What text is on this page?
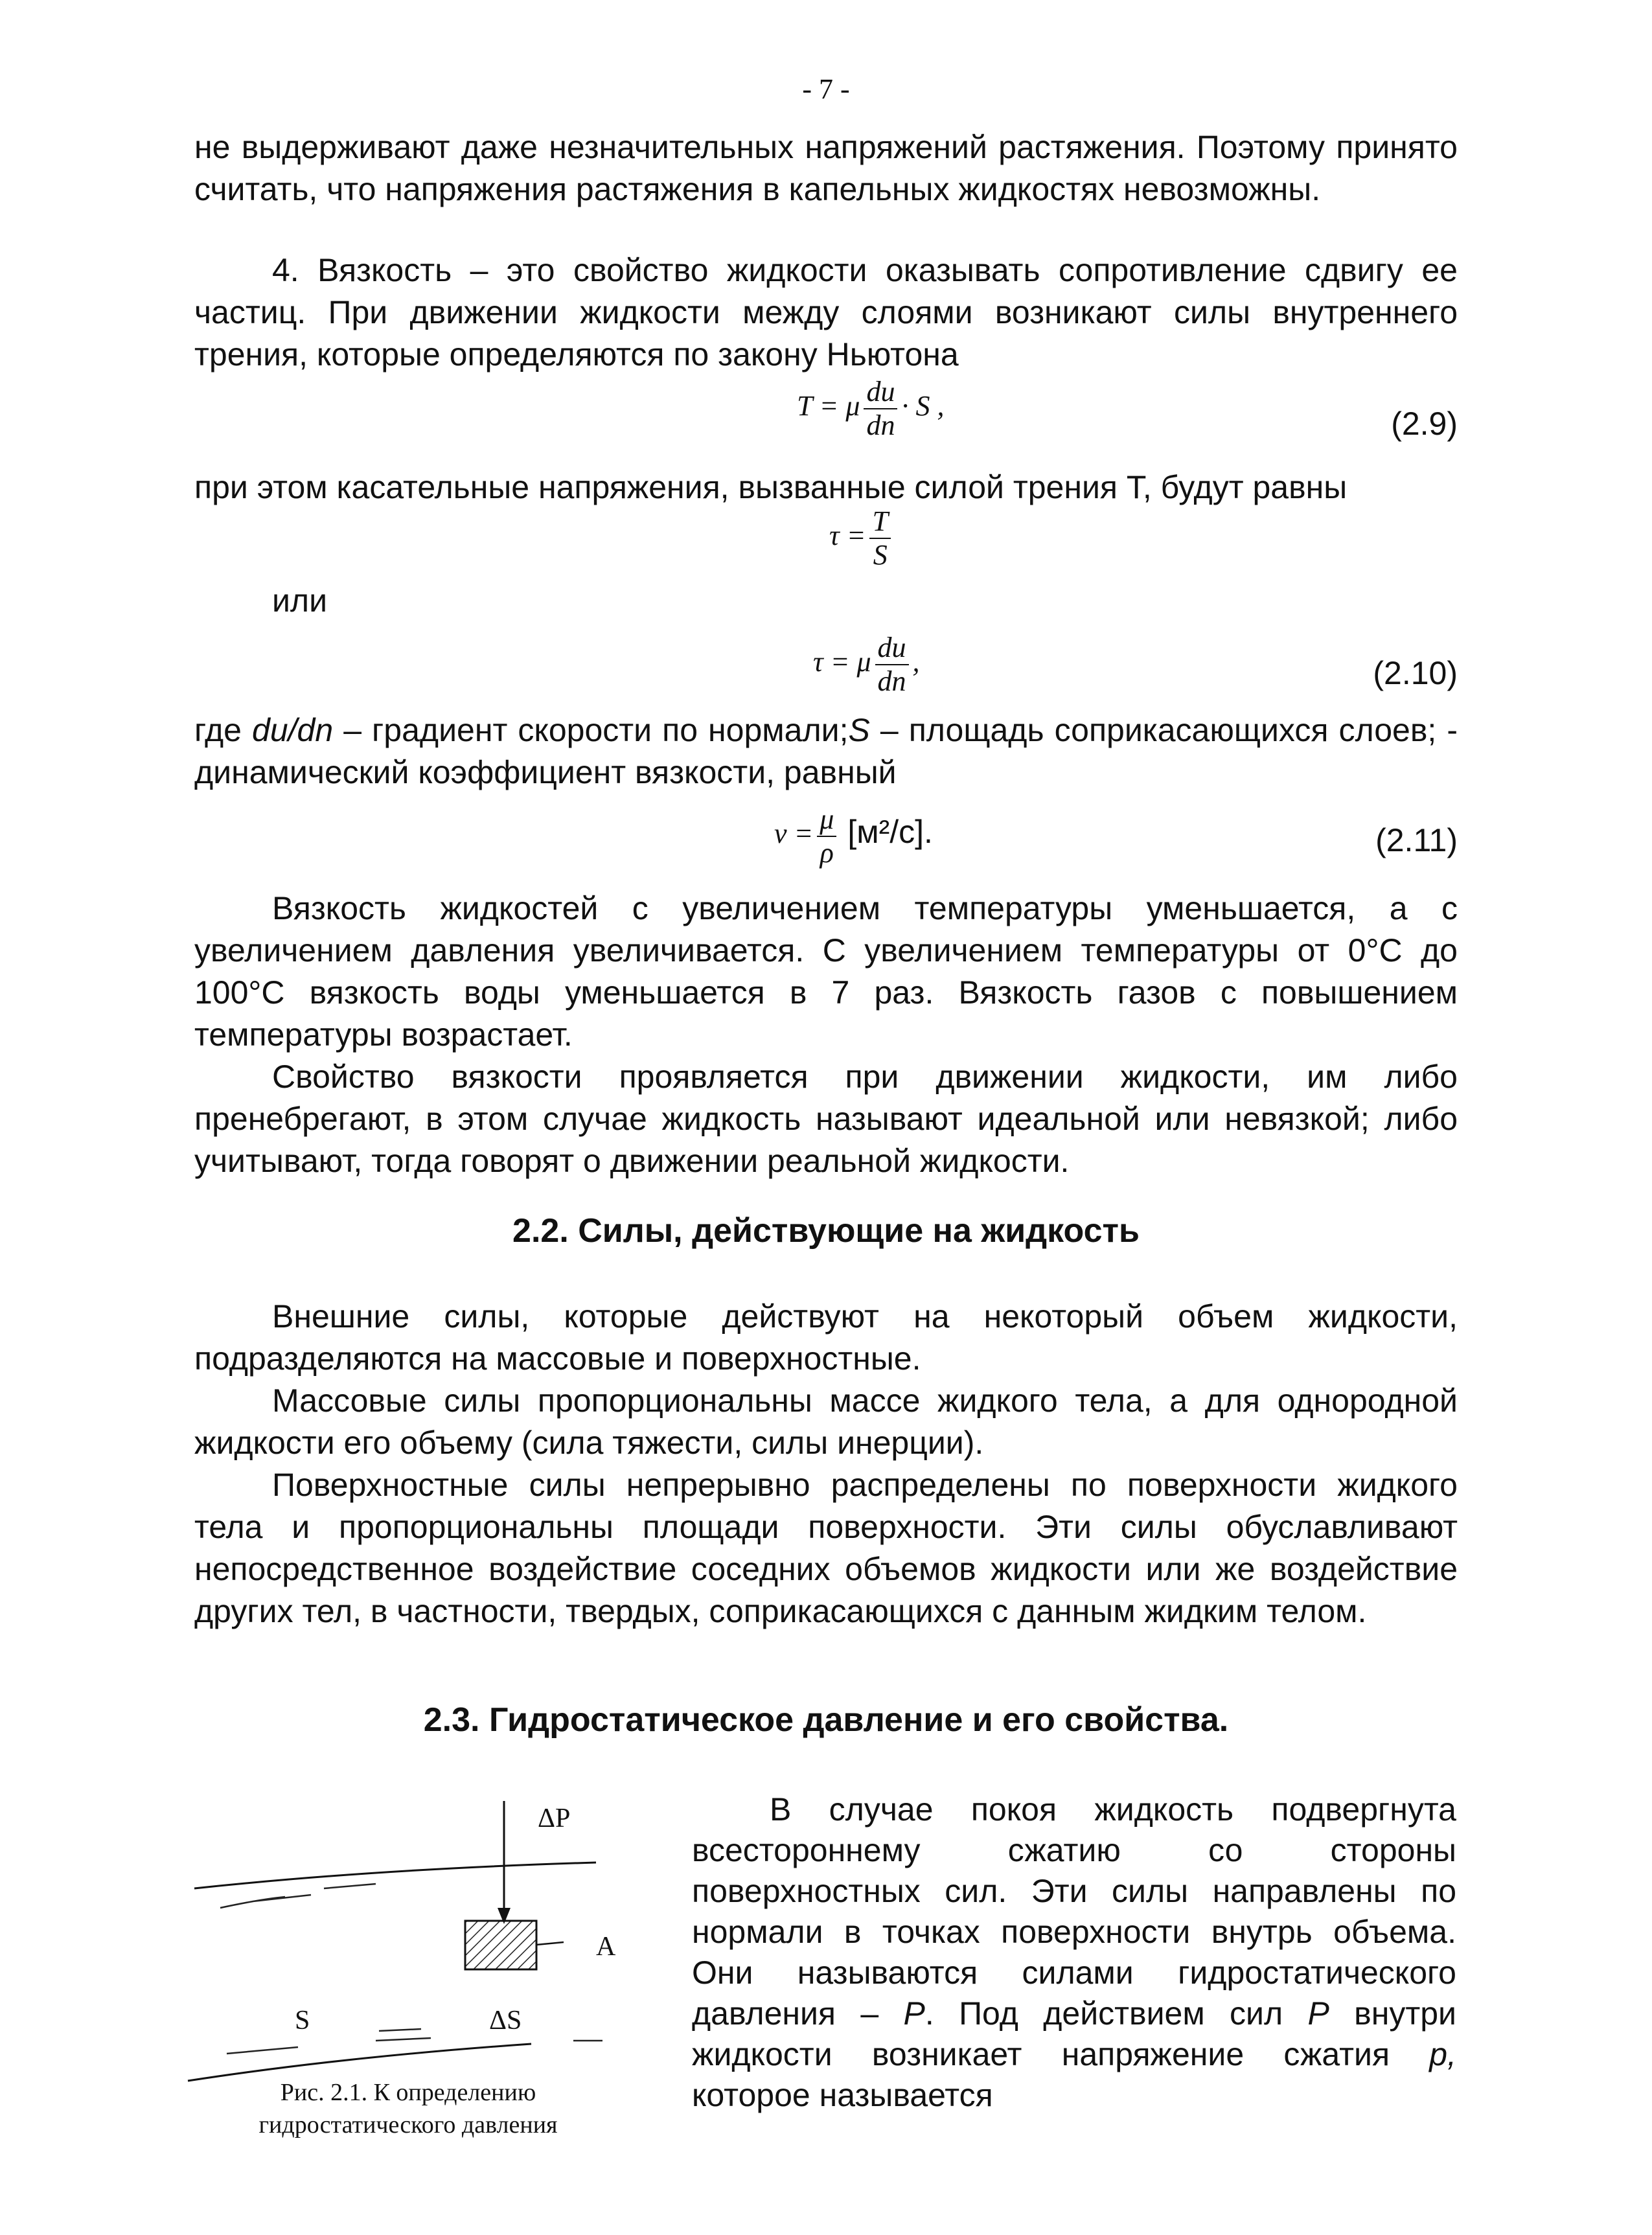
- 7 -

не выдерживают даже незначительных напряжений растяжения. Поэтому принято считать, что напряжения растяжения в капельных жидкостях невозможны.

4. Вязкость – это свойство жидкости оказывать сопротивление сдвигу ее частиц. При движении жидкости между слоями возникают силы внутреннего трения, которые определяются по закону Ньютона

T = μ $\frac{du}{dn} \cdot S$ ,	(2.9)

при этом касательные напряжения, вызванные силой трения Т, будут равны

$\tau = \frac{T}{S}$
или
τ = μ $\frac{du}{dn}$ ,	(2.10)

где du/dn – градиент скорости по нормали;S – площадь соприкасающихся слоев; - динамический коэффициент вязкости, равный

$\nu = \frac{\mu}{\rho} [м^2/с]$.	(2.11)

Вязкость жидкостей с увеличением температуры уменьшается, а с увеличением давления увеличивается. С увеличением температуры от 0°С до 100°С вязкость воды уменьшается в 7 раз. Вязкость газов с повышением температуры возрастает.

Свойство вязкости проявляется при движении жидкости, им либо пренебрегают, в этом случае жидкость называют идеальной или невязкой; либо учитывают, тогда говорят о движении реальной жидкости.

2.2. Силы, действующие на жидкость

Внешние силы, которые действуют на некоторый объем жидкости, подразделяются на массовые и поверхностные.

Массовые силы пропорциональны массе жидкого тела, а для однородной жидкости его объему (сила тяжести, силы инерции).

Поверхностные силы непрерывно распределены по поверхности жидкого тела и пропорциональны площади поверхности. Эти силы обуславливают непосредственное воздействие соседних объемов жидкости или же воздействие других тел, в частности, твердых, соприкасающихся с данным жидким телом.

2.3. Гидростатическое давление и его свойства.
ΔP
A
S	ΔS
Рис. 2.1. К определению
гидростатического давления

В случае покоя жидкость подвергнута всестороннему сжатию со стороны поверхностных сил. Эти силы направлены по нормали в точках поверхности внутрь объема. Они называются силами гидростатического давления – Р. Под действием сил Р внутри жидкости возникает напряжение сжатия р, которое называется
